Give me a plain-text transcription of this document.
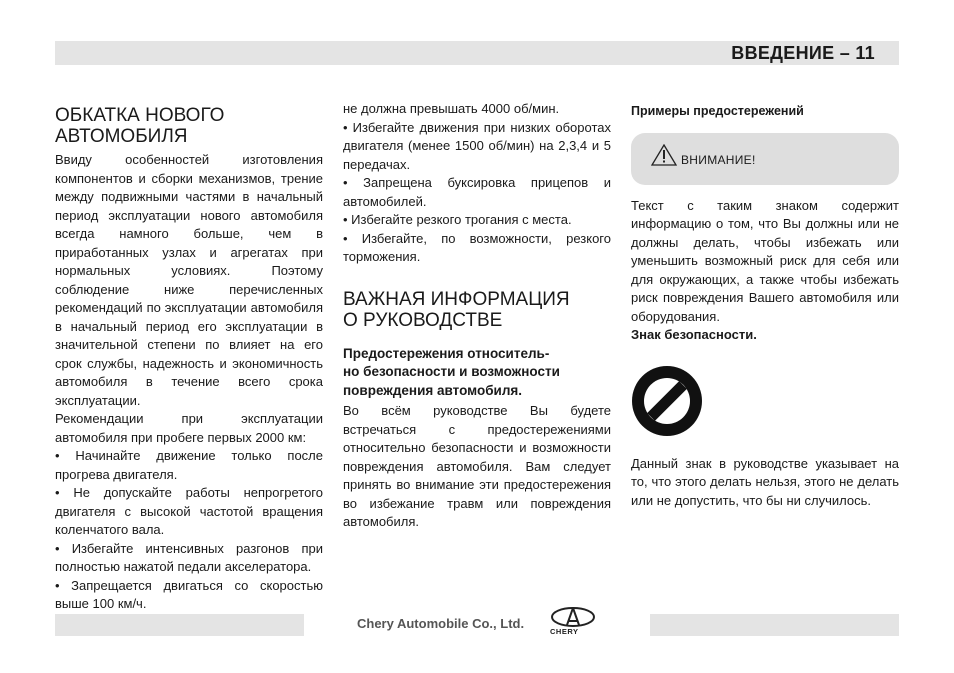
ВВЕДЕНИЕ – 11
ОБКАТКА НОВОГО
АВТОМОБИЛЯ

Ввиду особенностей изготовления компонентов и сборки механизмов, трение между подвижными частями в начальный период эксплуатации нового автомобиля всегда намного больше, чем в приработанных узлах и агрегатах при нормальных условиях. Поэтому соблюдение ниже перечисленных рекомендаций по эксплуатации автомобиля в начальный период его эксплуатации в значительной степени по влияет на его срок службы, надежность и экономичность автомобиля в течение всего срока эксплуатации.

Рекомендации при эксплуатации автомобиля при пробеге первых 2000 км:

• Начинайте движение только после прогрева двигателя.

• Не допускайте работы непрогретого двигателя с высокой частотой вращения коленчатого вала.

• Избегайте интенсивных разгонов при полностью нажатой педали акселератора.

• Запрещается двигаться со скоростью выше 100 км/ч.

не должна превышать 4000 об/мин.

• Избегайте движения при низких оборотах двигателя (менее 1500 об/мин) на 2,3,4 и 5 передачах.

• Запрещена буксировка прицепов и автомобилей.

• Избегайте резкого трогания с места.

• Избегайте, по возможности, резкого торможения.

ВАЖНАЯ ИНФОРМАЦИЯ
О РУКОВОДСТВЕ
Предостережения относитель-
но безопасности и возможности
повреждения автомобиля.

Во всём руководстве Вы будете встречаться с предостережениями относительно безопасности и возможности повреждения автомобиля. Вам следует принять во внимание эти предостережения во избежание травм или повреждения автомобиля.

Примеры предостережений
ВНИМАНИЕ!

Текст с таким знаком содержит информацию о том, что Вы должны или не должны делать, чтобы избежать или уменьшить возможный риск для себя или для окружающих, а также чтобы избежать риск повреждения Вашего автомобиля или оборудования.

Знак безопасности.

Данный знак в руководстве указывает на то, что этого делать нельзя, этого не делать или не допустить, что бы ни случилось.

Chery Automobile Co., Ltd.
CHERY
